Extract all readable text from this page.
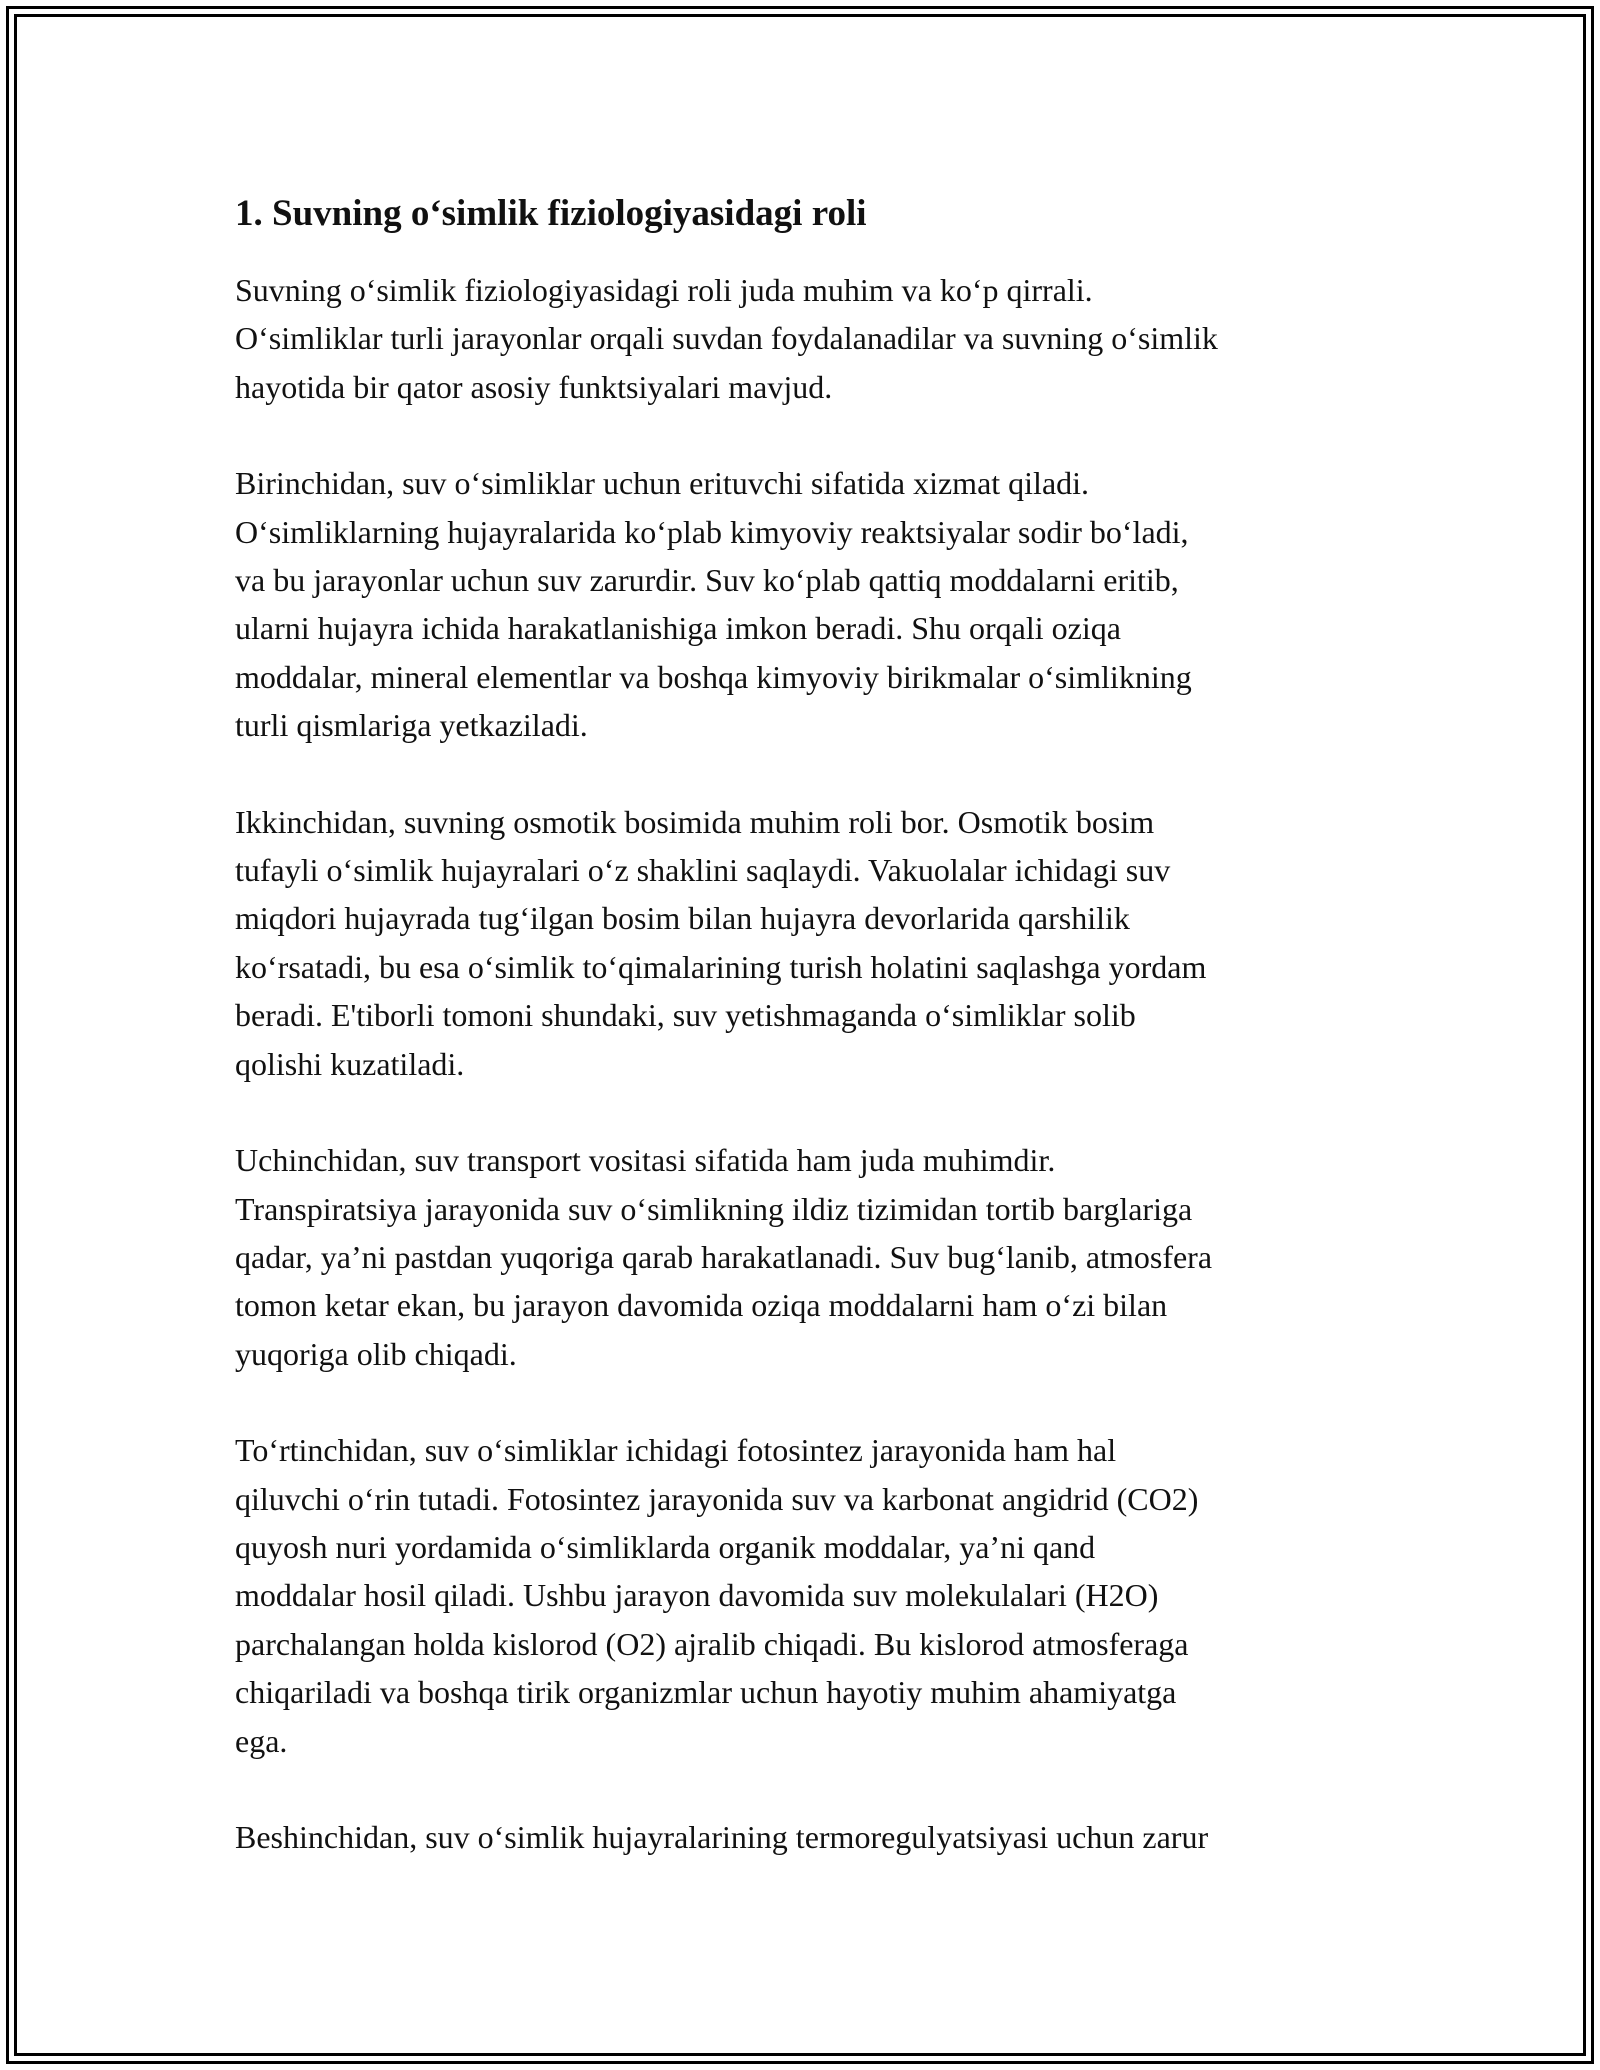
1. Suvning o‘simlik fiziologiyasidagi roli

Suvning o‘simlik fiziologiyasidagi roli juda muhim va ko‘p qirrali.
O‘simliklar turli jarayonlar orqali suvdan foydalanadilar va suvning o‘simlik
hayotida bir qator asosiy funktsiyalari mavjud.

Birinchidan, suv o‘simliklar uchun erituvchi sifatida xizmat qiladi.
O‘simliklarning hujayralarida ko‘plab kimyoviy reaktsiyalar sodir bo‘ladi,
va bu jarayonlar uchun suv zarurdir. Suv ko‘plab qattiq moddalarni eritib,
ularni hujayra ichida harakatlanishiga imkon beradi. Shu orqali oziqa
moddalar, mineral elementlar va boshqa kimyoviy birikmalar o‘simlikning
turli qismlariga yetkaziladi.

Ikkinchidan, suvning osmotik bosimida muhim roli bor. Osmotik bosim
tufayli o‘simlik hujayralari o‘z shaklini saqlaydi. Vakuolalar ichidagi suv
miqdori hujayrada tug‘ilgan bosim bilan hujayra devorlarida qarshilik
ko‘rsatadi, bu esa o‘simlik to‘qimalarining turish holatini saqlashga yordam
beradi. E'tiborli tomoni shundaki, suv yetishmaganda o‘simliklar solib
qolishi kuzatiladi.

Uchinchidan, suv transport vositasi sifatida ham juda muhimdir.
Transpiratsiya jarayonida suv o‘simlikning ildiz tizimidan tortib barglariga
qadar, ya’ni pastdan yuqoriga qarab harakatlanadi. Suv bug‘lanib, atmosfera
tomon ketar ekan, bu jarayon davomida oziqa moddalarni ham o‘zi bilan
yuqoriga olib chiqadi.

To‘rtinchidan, suv o‘simliklar ichidagi fotosintez jarayonida ham hal
qiluvchi o‘rin tutadi. Fotosintez jarayonida suv va karbonat angidrid (CO2)
quyosh nuri yordamida o‘simliklarda organik moddalar, ya’ni qand
moddalar hosil qiladi. Ushbu jarayon davomida suv molekulalari (H2O)
parchalangan holda kislorod (O2) ajralib chiqadi. Bu kislorod atmosferaga
chiqariladi va boshqa tirik organizmlar uchun hayotiy muhim ahamiyatga
ega.

Beshinchidan, suv o‘simlik hujayralarining termoregulyatsiyasi uchun zarur
